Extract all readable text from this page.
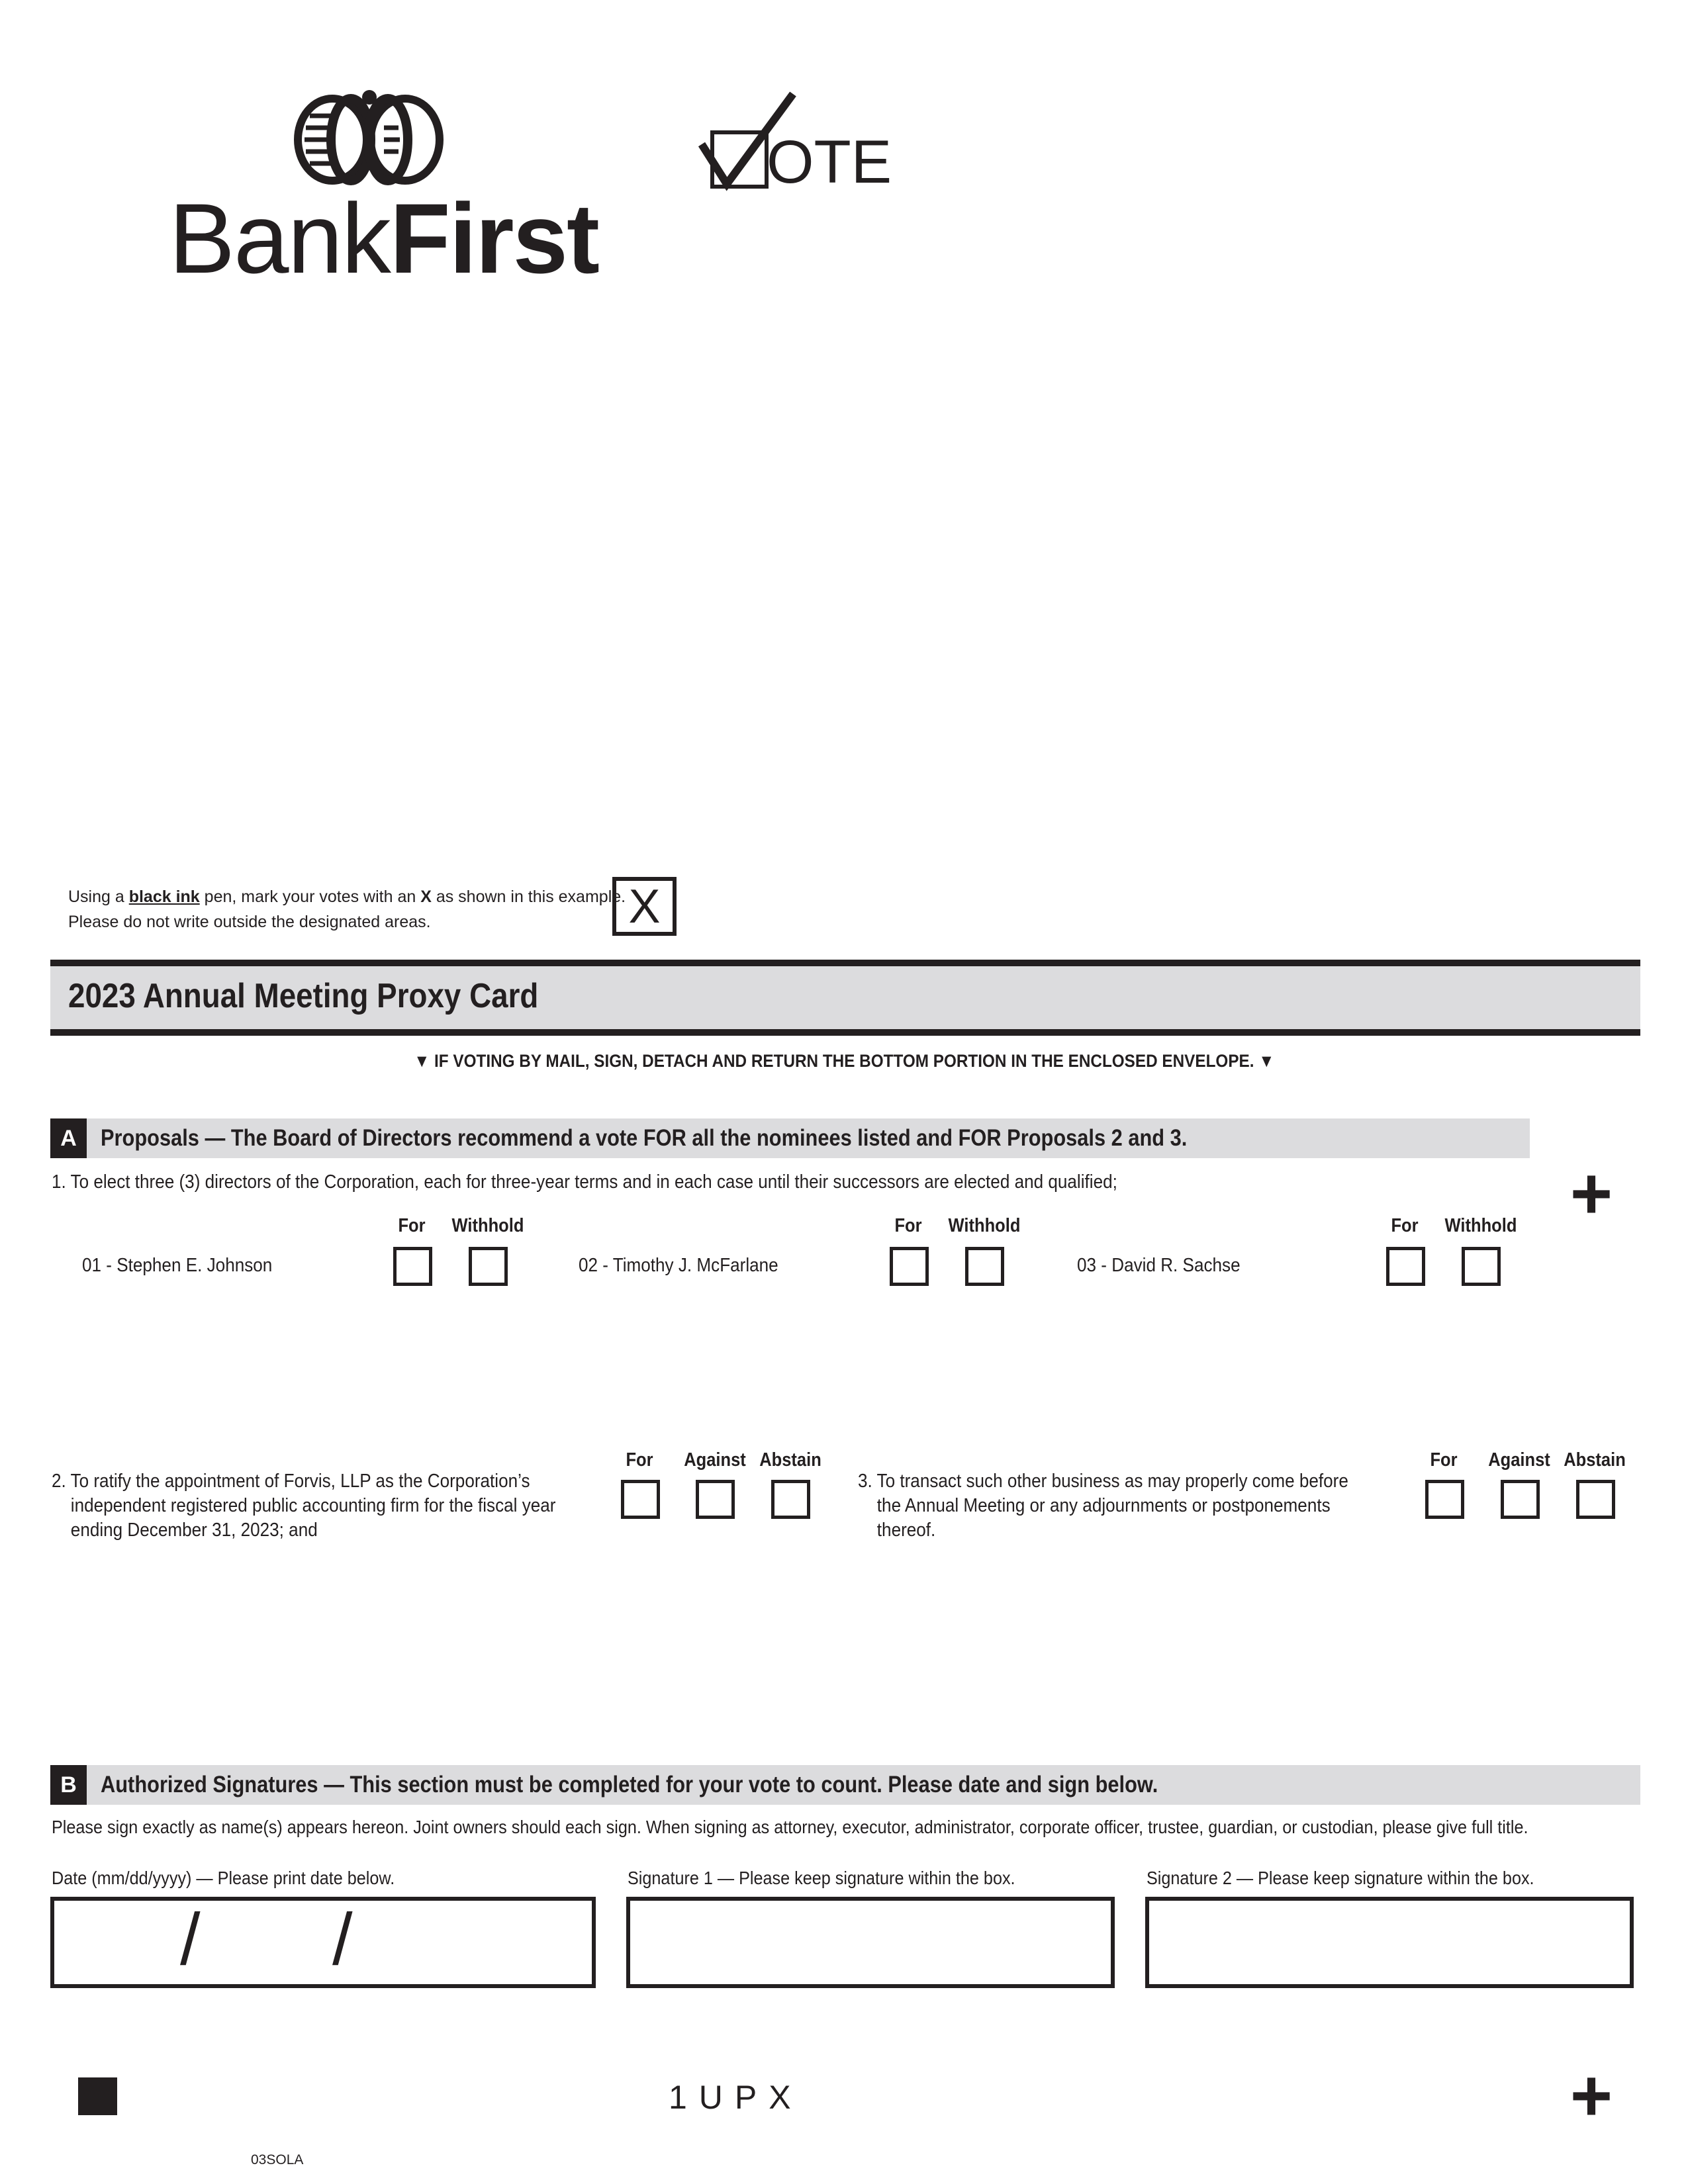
BankFirst
OTE
Using a black ink pen, mark your votes with an X as shown in this example.
Please do not write outside the designated areas.	X
2023 Annual Meeting Proxy Card
▼ IF VOTING BY MAIL, SIGN, DETACH AND RETURN THE BOTTOM PORTION IN THE ENCLOSED ENVELOPE. ▼
A	Proposals — The Board of Directors recommend a vote FOR all the nominees listed and FOR Proposals 2 and 3.
+
1. To elect three (3) directors of the Corporation, each for three-year terms and in each case until their successors are elected and qualified;
For Withhold
01 - Stephen E. Johnson
For Withhold
02 - Timothy J. McFarlane
For Withhold
03 - David R. Sachse
2. To ratify the appointment of Forvis, LLP as the Corporation’s
independent registered public accounting firm for the fiscal year
ending December 31, 2023; and
For Against Abstain
3. To transact such other business as may properly come before
the Annual Meeting or any adjournments or postponements
thereof.
For Against Abstain
B	Authorized Signatures — This section must be completed for your vote to count. Please date and sign below.
Please sign exactly as name(s) appears hereon. Joint owners should each sign. When signing as attorney, executor, administrator, corporate officer, trustee, guardian, or custodian, please give full title.
Date (mm/dd/yyyy) — Please print date below.	Signature 1 — Please keep signature within the box.	Signature 2 — Please keep signature within the box.
/ /
1UPX	+
03SOLA
